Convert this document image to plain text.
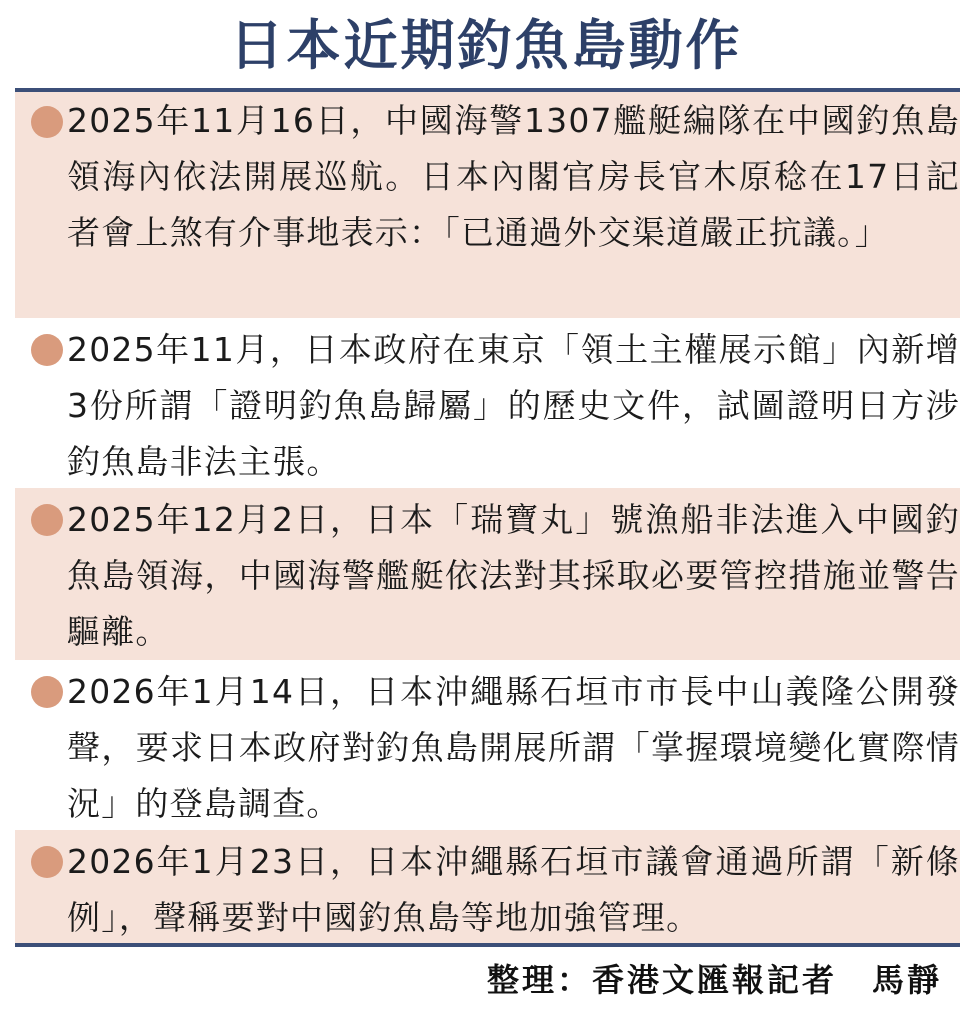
日本近期釣魚島動作
2025年11月16日，中國海警1307艦艇編隊在中國釣魚島領海內依法開展巡航。日本內閣官房長官木原稔在17日記者會上煞有介事地表示：「已通過外交渠道嚴正抗議。」
2025年11月，日本政府在東京「領土主權展示館」內新增3份所謂「證明釣魚島歸屬」的歷史文件，試圖證明日方涉釣魚島非法主張。
2025年12月2日，日本「瑞寶丸」號漁船非法進入中國釣魚島領海，中國海警艦艇依法對其採取必要管控措施並警告驅離。
2026年1月14日，日本沖繩縣石垣市市長中山義隆公開發聲，要求日本政府對釣魚島開展所謂「掌握環境變化實際情況」的登島調查。
2026年1月23日，日本沖繩縣石垣市議會通過所謂「新條例」，聲稱要對中國釣魚島等地加強管理。
整理：香港文匯報記者　馬靜
